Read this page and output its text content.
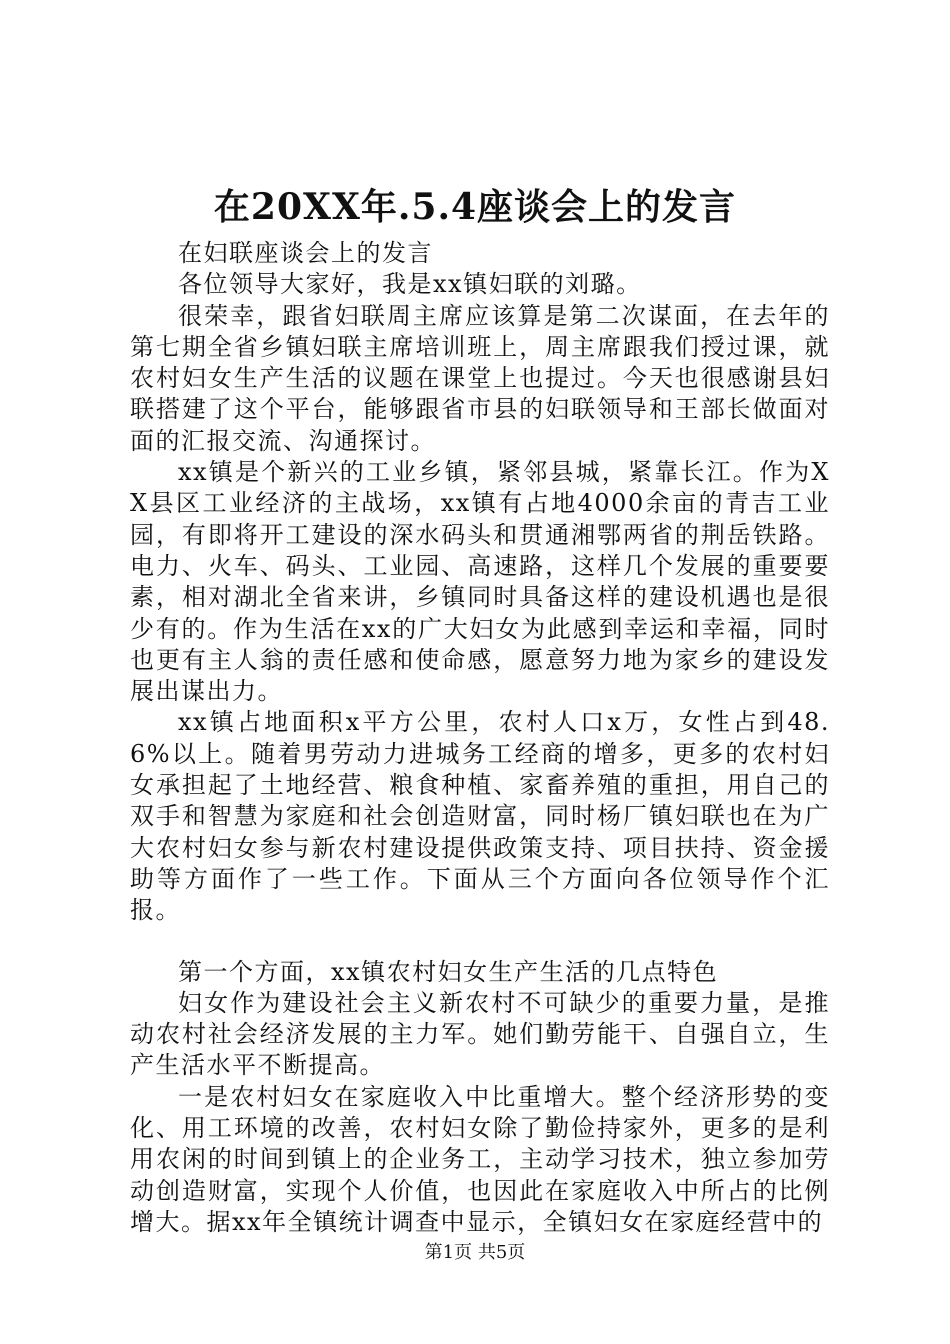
在20XX年.5.4座谈会上的发言

在妇联座谈会上的发言

各位领导大家好，我是xx镇妇联的刘璐。

很荣幸，跟省妇联周主席应该算是第二次谋面，在去年的第七期全省乡镇妇联主席培训班上，周主席跟我们授过课，就农村妇女生产生活的议题在课堂上也提过。今天也很感谢县妇联搭建了这个平台，能够跟省市县的妇联领导和王部长做面对面的汇报交流、沟通探讨。

xx镇是个新兴的工业乡镇，紧邻县城，紧靠长江。作为XX县区工业经济的主战场，xx镇有占地4000余亩的青吉工业园，有即将开工建设的深水码头和贯通湘鄂两省的荆岳铁路。电力、火车、码头、工业园、高速路，这样几个发展的重要要素，相对湖北全省来讲，乡镇同时具备这样的建设机遇也是很少有的。作为生活在xx的广大妇女为此感到幸运和幸福，同时也更有主人翁的责任感和使命感，愿意努力地为家乡的建设发展出谋出力。

xx镇占地面积x平方公里，农村人口x万，女性占到48.6%以上。随着男劳动力进城务工经商的增多，更多的农村妇女承担起了土地经营、粮食种植、家畜养殖的重担，用自己的双手和智慧为家庭和社会创造财富，同时杨厂镇妇联也在为广大农村妇女参与新农村建设提供政策支持、项目扶持、资金援助等方面作了一些工作。下面从三个方面向各位领导作个汇报。

第一个方面，xx镇农村妇女生产生活的几点特色

妇女作为建设社会主义新农村不可缺少的重要力量，是推动农村社会经济发展的主力军。她们勤劳能干、自强自立，生产生活水平不断提高。

一是农村妇女在家庭收入中比重增大。整个经济形势的变化、用工环境的改善，农村妇女除了勤俭持家外，更多的是利用农闲的时间到镇上的企业务工，主动学习技术，独立参加劳动创造财富，实现个人价值，也因此在家庭收入中所占的比例增大。据xx年全镇统计调查中显示，全镇妇女在家庭经营中的

第1页 共5页
